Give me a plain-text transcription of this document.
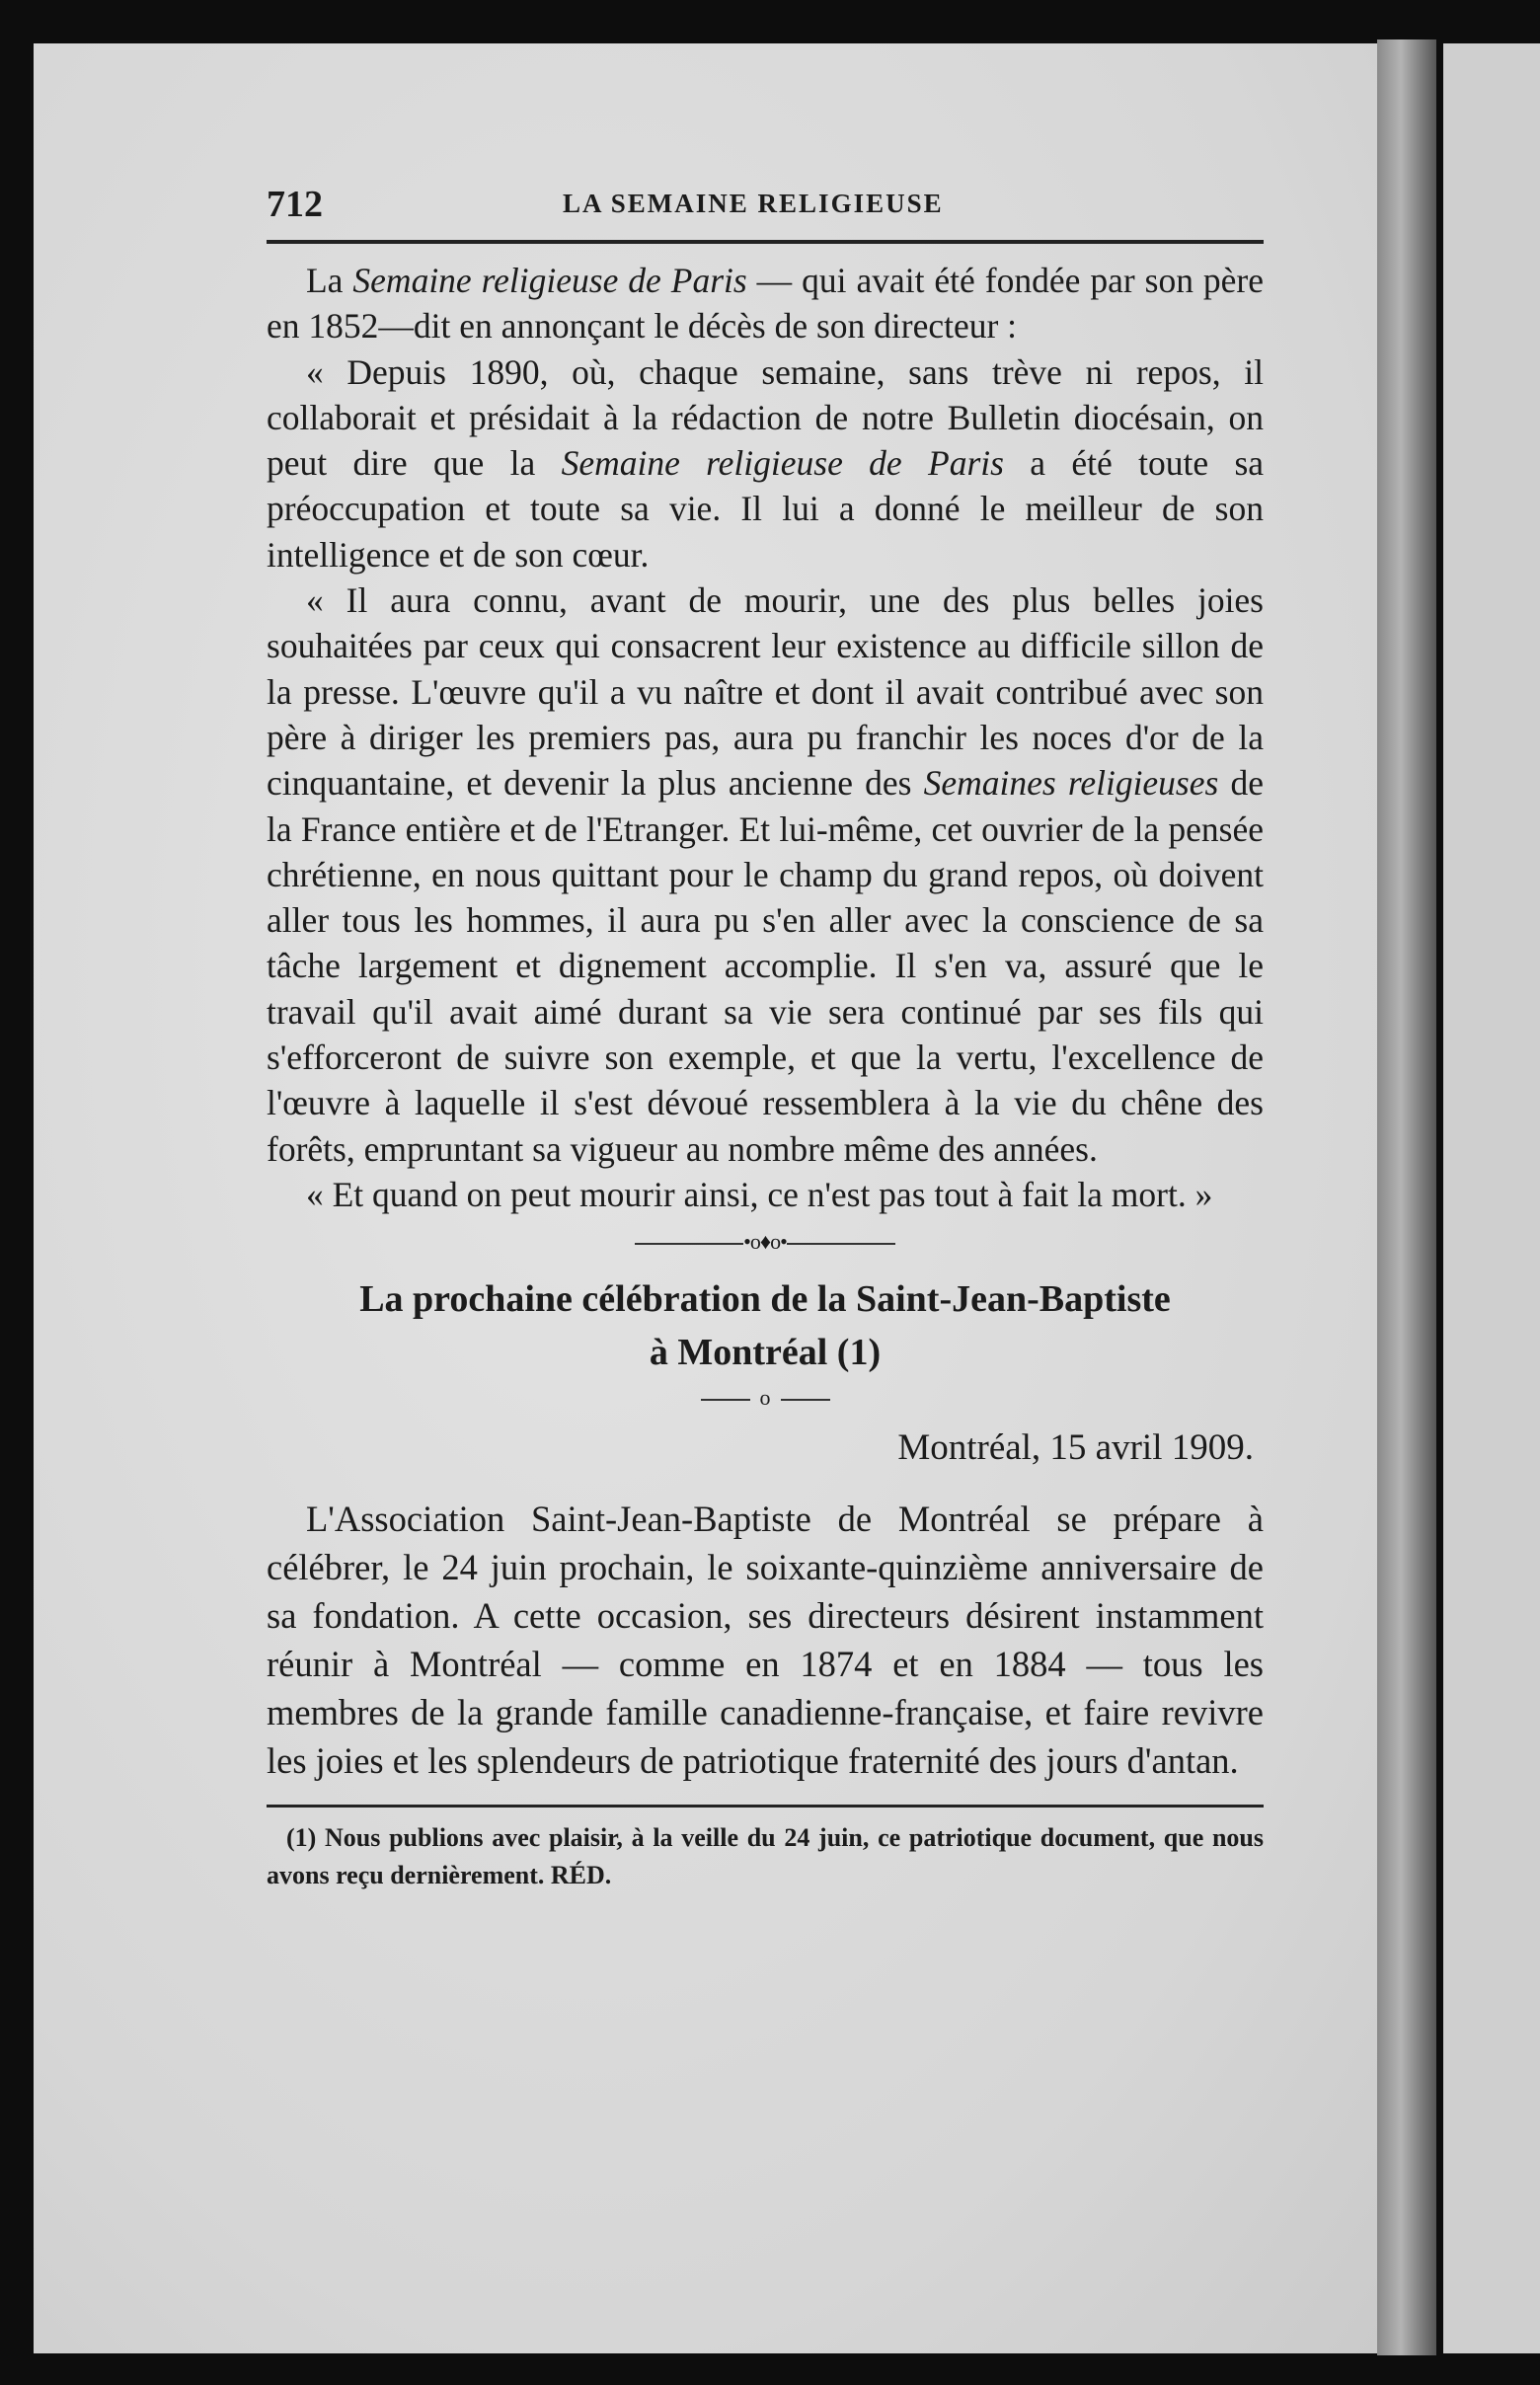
712	LA SEMAINE RELIGIEUSE

La Semaine religieuse de Paris — qui avait été fondée par son père en 1852—dit en annonçant le décès de son directeur :

« Depuis 1890, où, chaque semaine, sans trève ni repos, il collaborait et présidait à la rédaction de notre Bulletin diocésain, on peut dire que la Semaine religieuse de Paris a été toute sa préoccupation et toute sa vie. Il lui a donné le meilleur de son intelligence et de son cœur.

« Il aura connu, avant de mourir, une des plus belles joies souhaitées par ceux qui consacrent leur existence au difficile sillon de la presse. L'œuvre qu'il a vu naître et dont il avait contribué avec son père à diriger les premiers pas, aura pu franchir les noces d'or de la cinquantaine, et devenir la plus ancienne des Semaines religieuses de la France entière et de l'Etranger. Et lui-même, cet ouvrier de la pensée chrétienne, en nous quittant pour le champ du grand repos, où doivent aller tous les hommes, il aura pu s'en aller avec la conscience de sa tâche largement et dignement accomplie. Il s'en va, assuré que le travail qu'il avait aimé durant sa vie sera continué par ses fils qui s'efforceront de suivre son exemple, et que la vertu, l'excellence de l'œuvre à laquelle il s'est dévoué ressemblera à la vie du chêne des forêts, empruntant sa vigueur au nombre même des années.

« Et quand on peut mourir ainsi, ce n'est pas tout à fait la mort. »

•o♦o•

La prochaine célébration de la Saint-Jean-Baptiste

à Montréal (1)

o
Montréal, 15 avril 1909.

L'Association Saint-Jean-Baptiste de Montréal se prépare à célébrer, le 24 juin prochain, le soixante-quinzième anniversaire de sa fondation. A cette occasion, ses directeurs désirent instamment réunir à Montréal — comme en 1874 et en 1884 — tous les membres de la grande famille canadienne-française, et faire revivre les joies et les splendeurs de patriotique fraternité des jours d'antan.

(1) Nous publions avec plaisir, à la veille du 24 juin, ce patriotique document, que nous avons reçu dernièrement. RÉD.
